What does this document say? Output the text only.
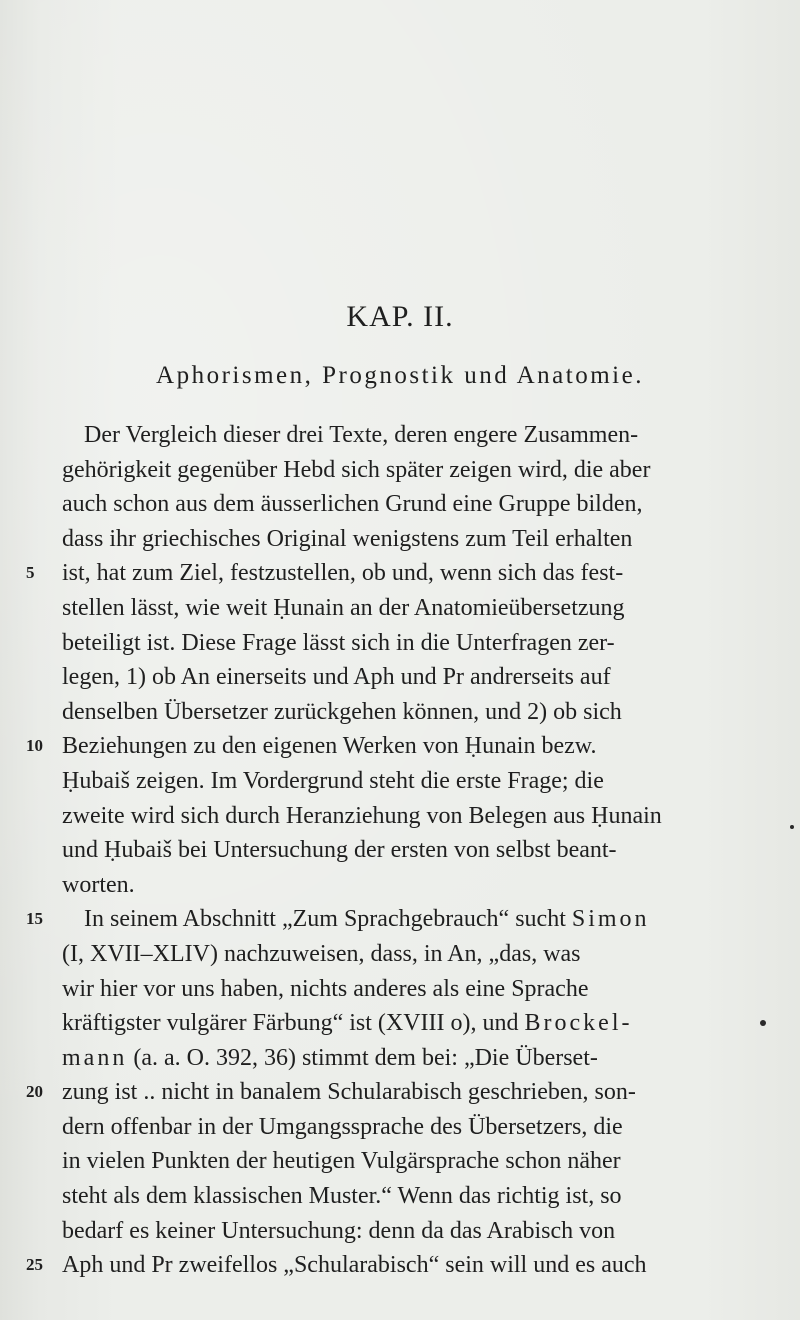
KAP. II.
Aphorismen, Prognostik und Anatomie.
Der Vergleich dieser drei Texte, deren engere Zusammen-
gehörigkeit gegenüber Hebd sich später zeigen wird, die aber
auch schon aus dem äusserlichen Grund eine Gruppe bilden,
dass ihr griechisches Original wenigstens zum Teil erhalten
5	ist, hat zum Ziel, festzustellen, ob und, wenn sich das fest-
stellen lässt, wie weit Ḥunain an der Anatomieübersetzung
beteiligt ist. Diese Frage lässt sich in die Unterfragen zer-
legen, 1) ob An einerseits und Aph und Pr andrerseits auf
denselben Übersetzer zurückgehen können, und 2) ob sich
10 Beziehungen zu den eigenen Werken von Ḥunain bezw.
Ḥubaiš zeigen. Im Vordergrund steht die erste Frage; die
zweite wird sich durch Heranziehung von Belegen aus Ḥunain
und Ḥubaiš bei Untersuchung der ersten von selbst beant-
worten.
15	In seinem Abschnitt „Zum Sprachgebrauch“ sucht Simon
(I, XVII–XLIV) nachzuweisen, dass, in An, „das, was
wir hier vor uns haben, nichts anderes als eine Sprache
kräftigster vulgärer Färbung“ ist (XVIII o), und Brockel-
mann (a. a. O. 392, 36) stimmt dem bei: „Die Überset-
20 zung ist .. nicht in banalem Schularabisch geschrieben, son-
dern offenbar in der Umgangssprache des Übersetzers, die
in vielen Punkten der heutigen Vulgärsprache schon näher
steht als dem klassischen Muster.“ Wenn das richtig ist, so
bedarf es keiner Untersuchung: denn da das Arabisch von
25 Aph und Pr zweifellos „Schularabisch“ sein will und es auch
